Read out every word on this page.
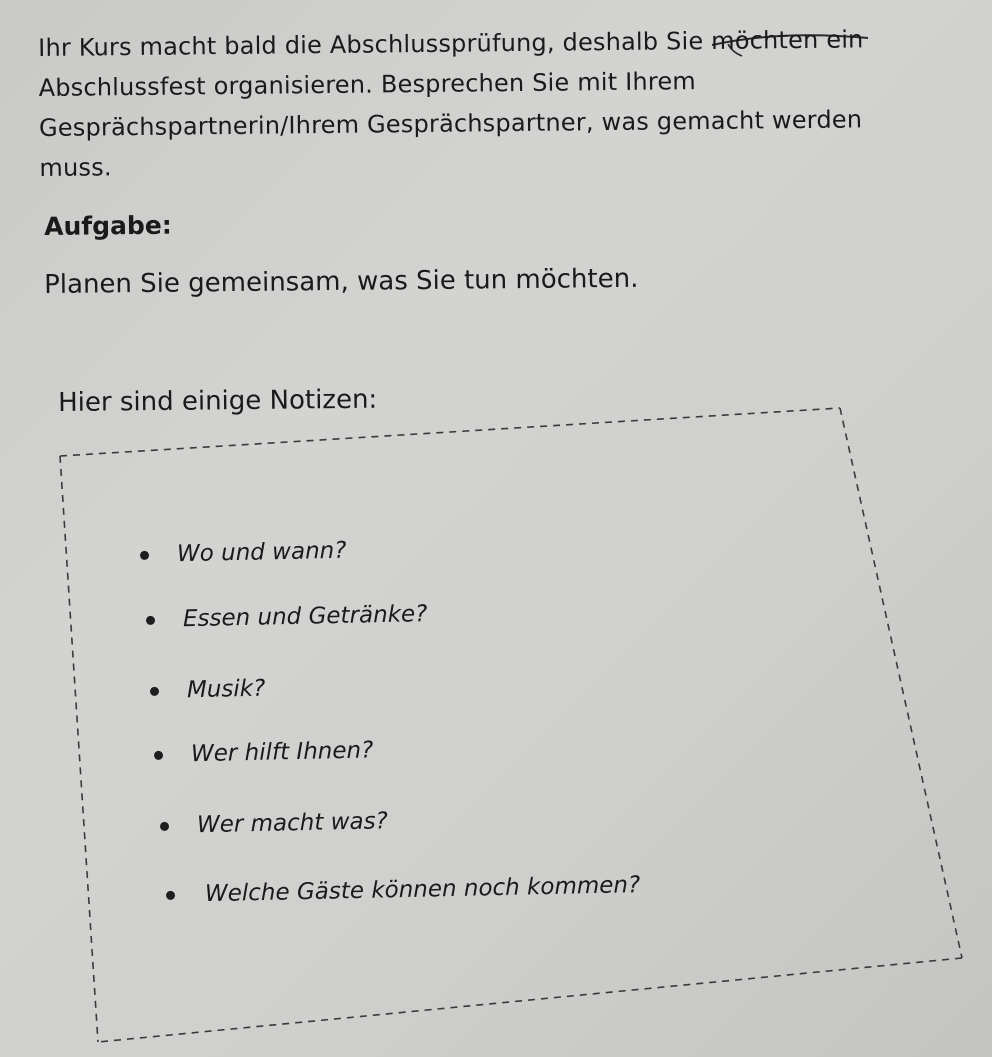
Ihr Kurs macht bald die Abschlussprüfung, deshalb Sie möchten ein Abschlussfest organisieren. Besprechen Sie mit Ihrem Gesprächspartnerin/Ihrem Gesprächspartner, was gemacht werden muss.

Aufgabe:

Planen Sie gemeinsam, was Sie tun möchten.

Hier sind einige Notizen:

Wo und wann?
Essen und Getränke?
Musik?
Wer hilft Ihnen?
Wer macht was?
Welche Gäste können noch kommen?
